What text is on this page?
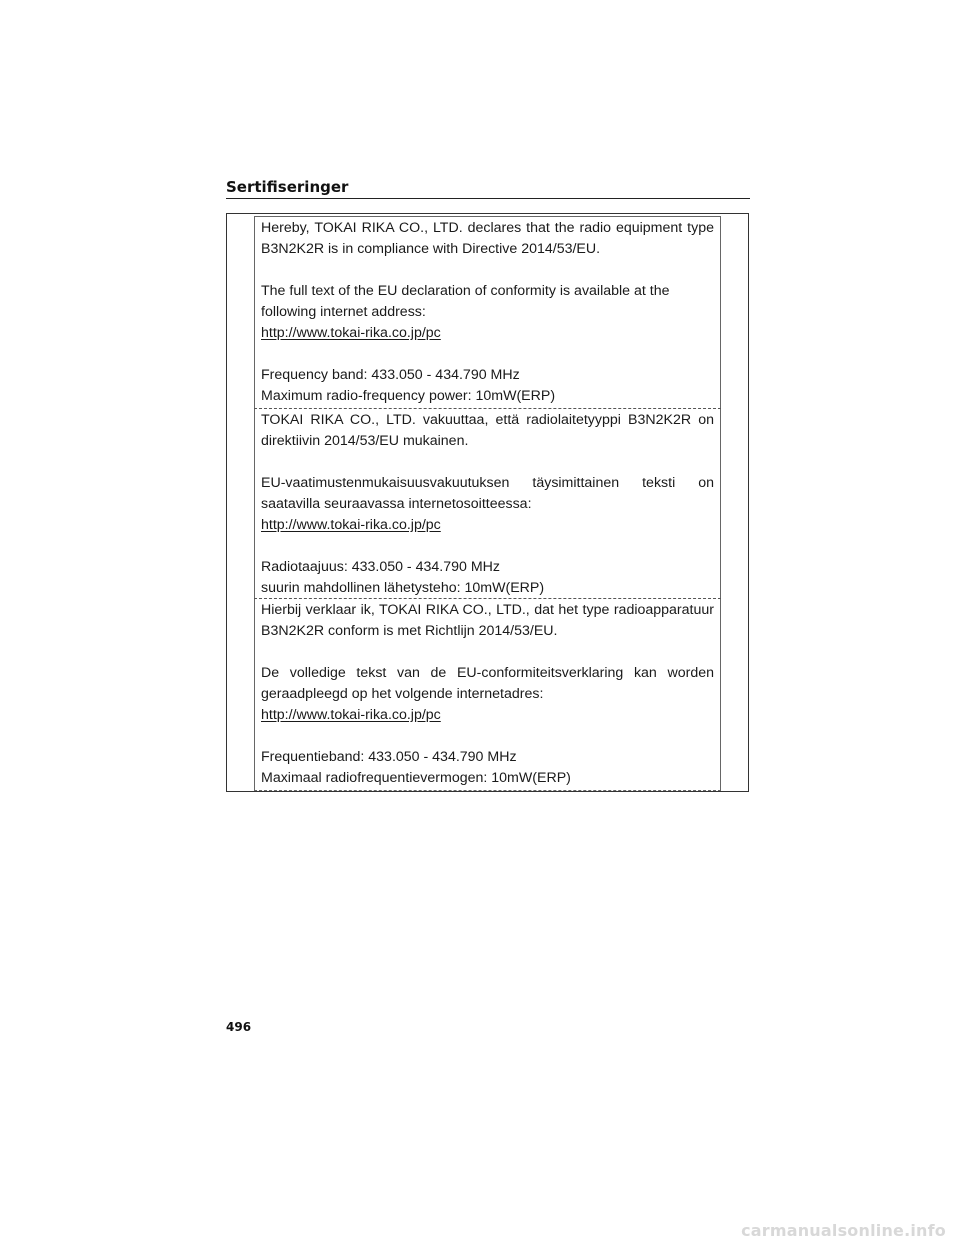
Sertifiseringer

Hereby, TOKAI RIKA CO., LTD. declares that the radio equipment type B3N2K2R is in compliance with Directive 2014/53/EU.

The full text of the EU declaration of conformity is available at the following internet address:

http://www.tokai-rika.co.jp/pc

Frequency band: 433.050 - 434.790 MHz

Maximum radio-frequency power: 10mW(ERP)

TOKAI RIKA CO., LTD. vakuuttaa, että radiolaitetyyppi B3N2K2R on direktiivin 2014/53/EU mukainen.

EU-vaatimustenmukaisuusvakuutuksen täysimittainen teksti on saatavilla seuraavassa internetosoitteessa:

http://www.tokai-rika.co.jp/pc

Radiotaajuus: 433.050 - 434.790 MHz

suurin mahdollinen lähetysteho: 10mW(ERP)

Hierbij verklaar ik, TOKAI RIKA CO., LTD., dat het type radioapparatuur B3N2K2R conform is met Richtlijn 2014/53/EU.

De volledige tekst van de EU-conformiteitsverklaring kan worden geraadpleegd op het volgende internetadres:

http://www.tokai-rika.co.jp/pc

Frequentieband: 433.050 - 434.790 MHz

Maximaal radiofrequentievermogen: 10mW(ERP)

496
carmanualsonline.info
